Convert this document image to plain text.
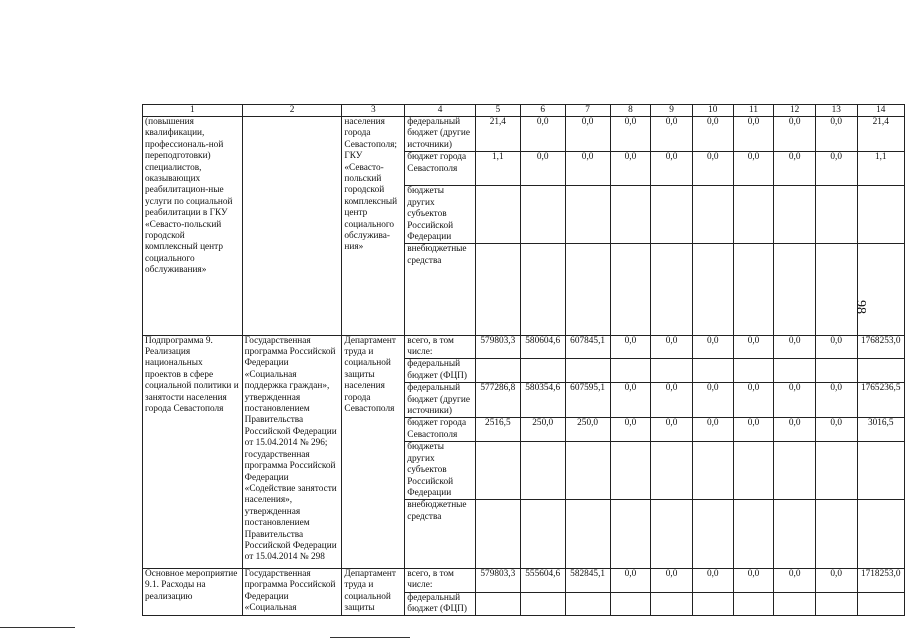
1	2	3	4	5	6	7	8	9	10	11	12	13	14
(повышения квалификации, профессиональ-ной переподготовки) специалистов, оказывающих реабилитацион-ные услуги по социальной реабилитации в ГКУ «Севасто-польский городской комплексный центр социального обслуживания»		населения города Севастополя; ГКУ «Севасто-польский городской комплексный центр социального обслужива-ния»	федеральный бюджет (другие источники)	21,4	0,0	0,0	0,0	0,0	0,0	0,0	0,0	0,0	21,4
			бюджет города Севастополя	1,1	0,0	0,0	0,0	0,0	0,0	0,0	0,0	0,0	1,1
			бюджеты других субъектов Российской Федерации										
			внебюджетные средства										
Подпрограмма 9. Реализация национальных проектов в сфере социальной политики и занятости населения города Севастополя	Государственная программа Российской Федерации «Социальная поддержка граждан», утвержденная постановлением Правительства Российской Федерации от 15.04.2014 № 296; государственная программа Российской Федерации «Содействие занятости населения», утвержденная постановлением Правительства Российской Федерации от 15.04.2014 № 298	Департамент труда и социальной защиты населения города Севастополя	всего, в том числе:	579803,3	580604,6	607845,1	0,0	0,0	0,0	0,0	0,0	0,0	1768253,0
			федеральный бюджет (ФЦП)										
			федеральный бюджет (другие источники)	577286,8	580354,6	607595,1	0,0	0,0	0,0	0,0	0,0	0,0	1765236,5
			бюджет города Севастополя	2516,5	250,0	250,0	0,0	0,0	0,0	0,0	0,0	0,0	3016,5
			бюджеты других субъектов Российской Федерации										
			внебюджетные средства										
Основное мероприятие 9.1. Расходы на реализацию	Государственная программа Российской Федерации «Социальная	Департамент труда и социальной защиты	всего, в том числе:	579803,3	555604,6	582845,1	0,0	0,0	0,0	0,0	0,0	0,0	1718253,0
			федеральный бюджет (ФЦП)										
98
